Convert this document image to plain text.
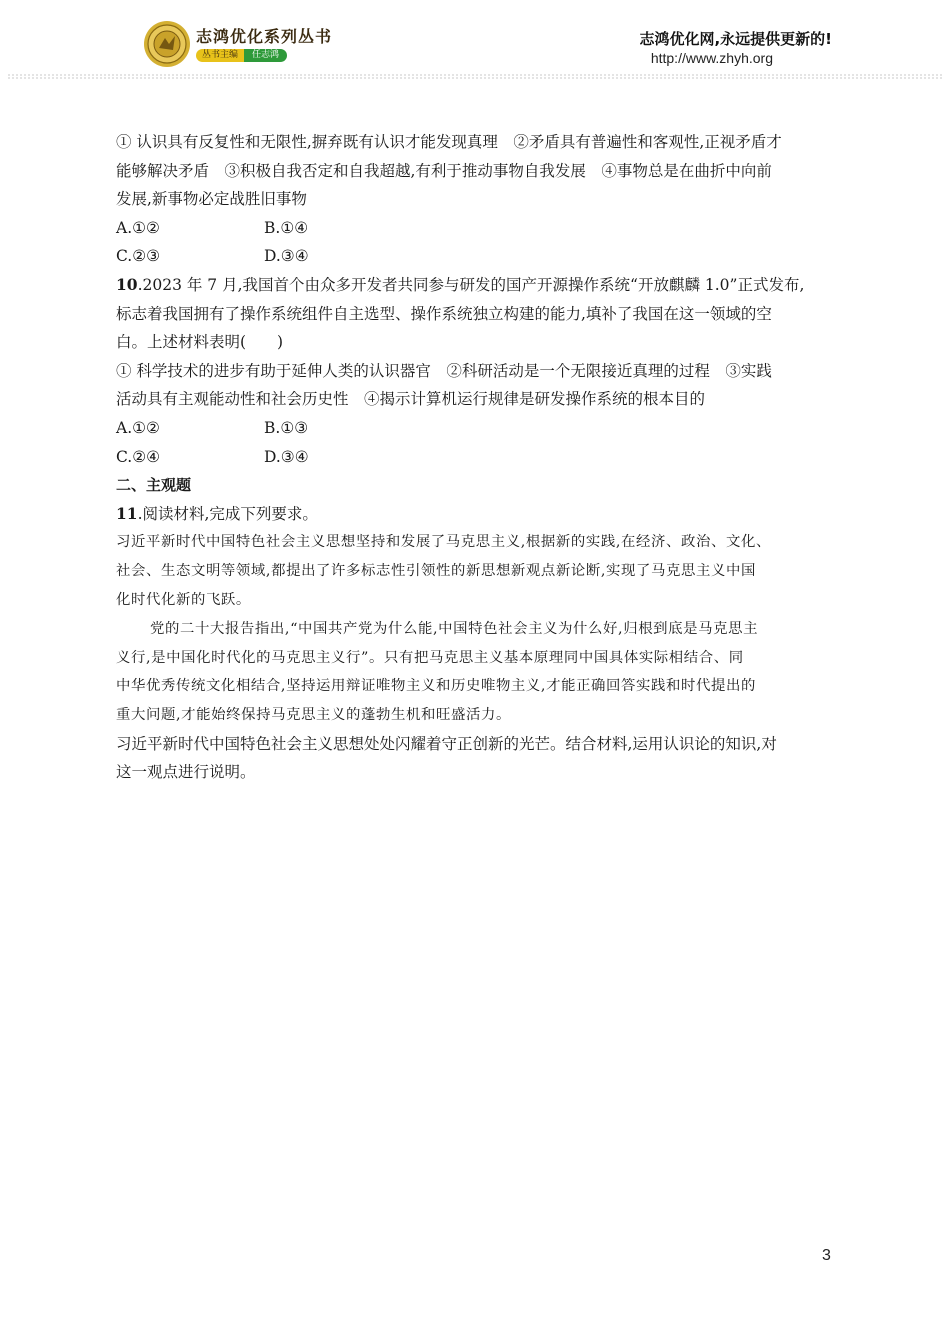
志鸿优化系列丛书
丛书主编	任志鸿
志鸿优化网,永远提供更新的!
http://www.zhyh.org
① 认识具有反复性和无限性,摒弃既有认识才能发现真理　②矛盾具有普遍性和客观性,正视矛盾才
能够解决矛盾　③积极自我否定和自我超越,有利于推动事物自我发展　④事物总是在曲折中向前
发展,新事物必定战胜旧事物
A.①②	B.①④
C.②③	D.③④
10.2023 年 7 月,我国首个由众多开发者共同参与研发的国产开源操作系统“开放麒麟 1.0”正式发布,
标志着我国拥有了操作系统组件自主选型、操作系统独立构建的能力,填补了我国在这一领域的空
白。上述材料表明(　　)
① 科学技术的进步有助于延伸人类的认识器官　②科研活动是一个无限接近真理的过程　③实践
活动具有主观能动性和社会历史性　④揭示计算机运行规律是研发操作系统的根本目的
A.①②	B.①③
C.②④	D.③④
二、主观题
11.阅读材料,完成下列要求。
习近平新时代中国特色社会主义思想坚持和发展了马克思主义,根据新的实践,在经济、政治、文化、
社会、生态文明等领域,都提出了许多标志性引领性的新思想新观点新论断,实现了马克思主义中国
化时代化新的飞跃。
党的二十大报告指出,“中国共产党为什么能,中国特色社会主义为什么好,归根到底是马克思主
义行,是中国化时代化的马克思主义行”。只有把马克思主义基本原理同中国具体实际相结合、同
中华优秀传统文化相结合,坚持运用辩证唯物主义和历史唯物主义,才能正确回答实践和时代提出的
重大问题,才能始终保持马克思主义的蓬勃生机和旺盛活力。
习近平新时代中国特色社会主义思想处处闪耀着守正创新的光芒。结合材料,运用认识论的知识,对
这一观点进行说明。
3
